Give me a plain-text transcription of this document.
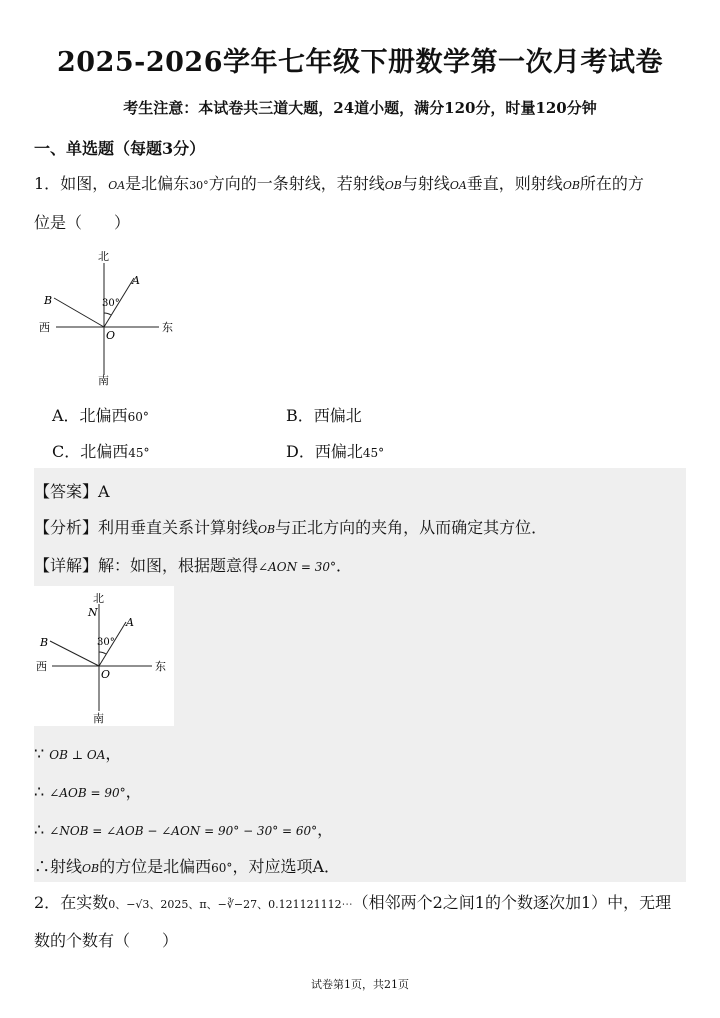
2025-2026学年七年级下册数学第一次月考试卷
考生注意：本试卷共三道大题，24道小题，满分120分，时量120分钟
一、单选题（每题3分）
1．如图，OA是北偏东30°方向的一条射线，若射线OB与射线OA垂直，则射线OB所在的方
位是（　　）
北
南
西	东
A
B
O
30°
A．北偏西60°	B．西偏北
C．北偏西45°	D．西偏北45°
【答案】A
【分析】利用垂直关系计算射线OB与正北方向的夹角，从而确定其方位．
【详解】解：如图，根据题意得∠AON = 30°．
北
N
南
西	东
A
B
O
30°
∵ OB ⊥ OA，
∴ ∠AOB = 90°，
∴ ∠NOB = ∠AOB − ∠AON = 90° − 30° = 60°，
∴射线OB的方位是北偏西60°，对应选项A．
2．在实数0、−√3、2025、π、−∛−27、0.121121112⋯（相邻两个2之间1的个数逐次加1）中，无理
数的个数有（　　）
试卷第1页，共21页
